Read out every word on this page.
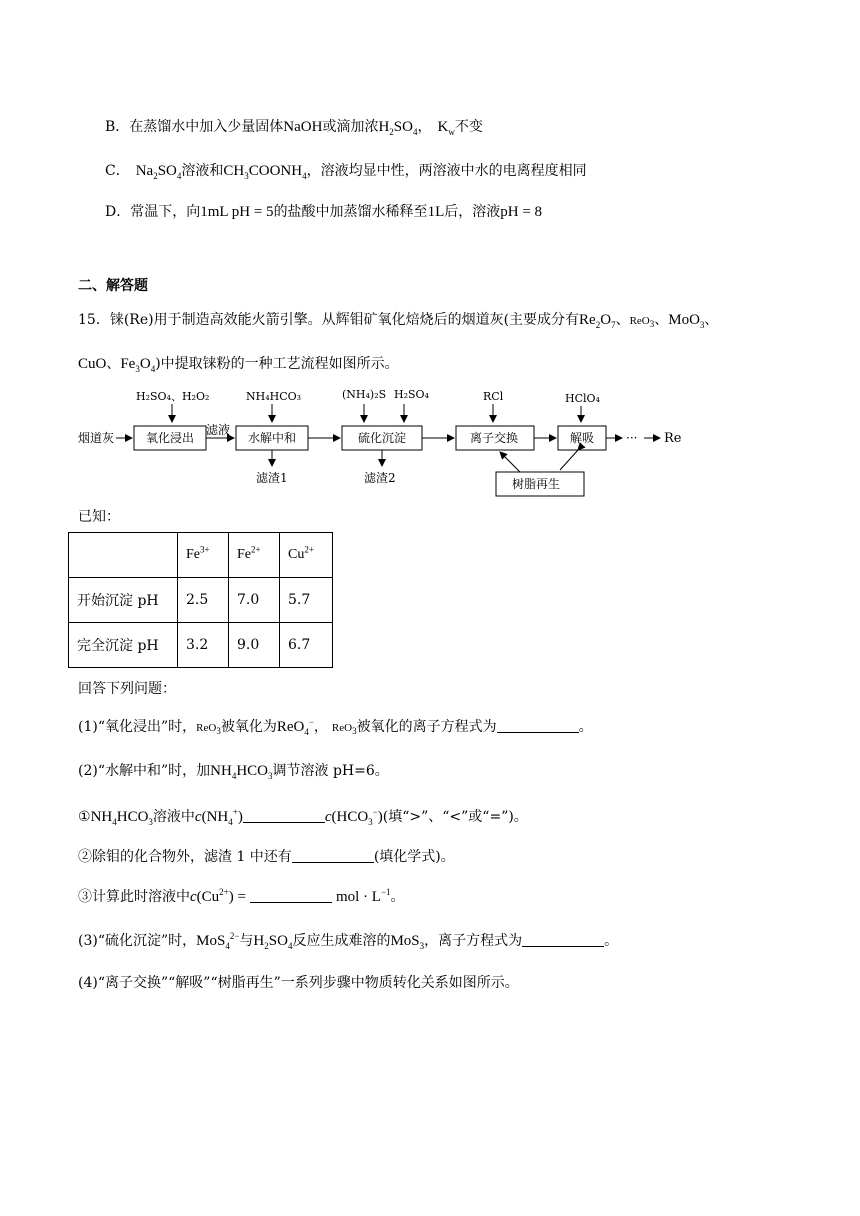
B．在蒸馏水中加入少量固体NaOH或滴加浓$H_2SO_4$， $K_w$不变
C． $Na_2SO_4$溶液和$CH_3COONH_4$，溶液均显中性，两溶液中水的电离程度相同
D．常温下，向1mL pH = 5的盐酸中加蒸馏水稀释至1L后，溶液pH = 8
二、解答题
15．铼(Re)用于制造高效能火箭引擎。从辉钼矿氧化焙烧后的烟道灰(主要成分有$Re_2O_7$、ReO$_3$、MoO$_3$、
CuO、$Fe_3O_4$)中提取铼粉的一种工艺流程如图所示。
H₂SO₄、H₂O₂	NH₄HCO₃	(NH₄)₂S H₂SO₄	RCl	HClO₄
烟道灰	氧化浸出
滤液
水解中和
滤渣1
硫化沉淀
滤渣2
离子交换	解吸	··· Re
树脂再生
已知：
	$Fe^{3+}$	$Fe^{2+}$	$Cu^{2+}$
开始沉淀 pH	2.5	7.0	5.7
完全沉淀 pH	3.2	9.0	6.7
回答下列问题：
(1)“氧化浸出”时，ReO$_3$被氧化为ReO$_4$−， ReO$_3$被氧化的离子方程式为	。
(2)“水解中和”时，加$NH_4HCO_3$调节溶液 pH=6。
$①NH_4HCO_3$溶液中$c(NH_4^+)$	$c(HCO_3^-)$(填“>”、“<”或“=”)。
②除钼的化合物外，滤渣 1 中还有	(填化学式)。
③计算此时溶液中$c(Cu^{2+})$ =	mol · $L^{-1}$。
(3)“硫化沉淀”时，MoS$_4^{2-}$与$H_2SO_4$反应生成难溶的MoS$_3$，离子方程式为	。
(4)“离子交换”“解吸”“树脂再生”一系列步骤中物质转化关系如图所示。
